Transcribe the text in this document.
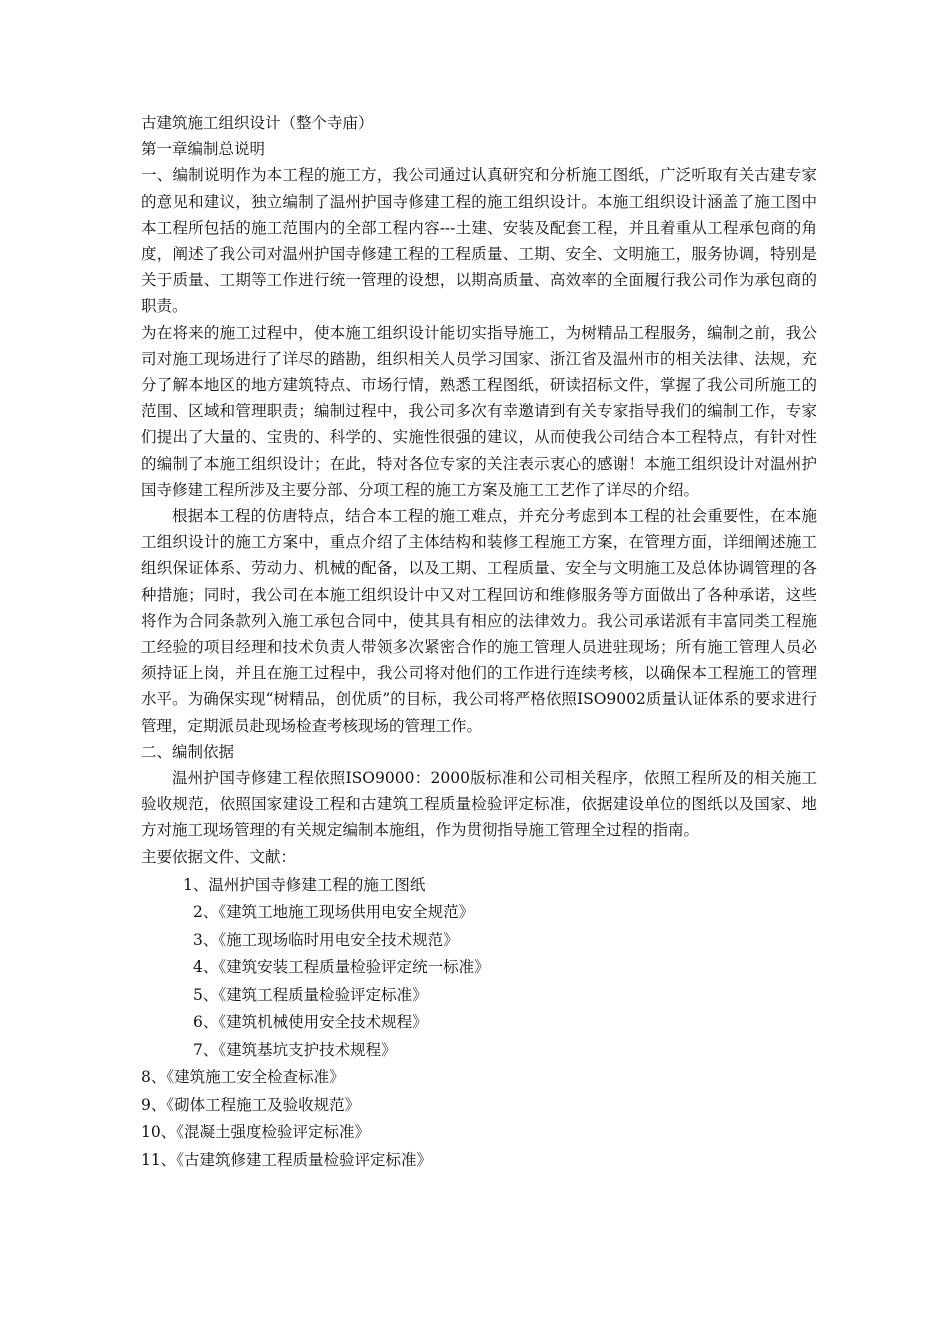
古建筑施工组织设计（整个寺庙）

第一章编制总说明

一、编制说明作为本工程的施工方，我公司通过认真研究和分析施工图纸，广泛听取有关古建专家的意见和建议，独立编制了温州护国寺修建工程的施工组织设计。本施工组织设计涵盖了施工图中本工程所包括的施工范围内的全部工程内容---土建、安装及配套工程，并且着重从工程承包商的角度，阐述了我公司对温州护国寺修建工程的工程质量、工期、安全、文明施工，服务协调，特别是关于质量、工期等工作进行统一管理的设想，以期高质量、高效率的全面履行我公司作为承包商的职责。

为在将来的施工过程中，使本施工组织设计能切实指导施工，为树精品工程服务，编制之前，我公司对施工现场进行了详尽的踏勘，组织相关人员学习国家、浙江省及温州市的相关法律、法规，充分了解本地区的地方建筑特点、市场行情，熟悉工程图纸，研读招标文件，掌握了我公司所施工的范围、区域和管理职责；编制过程中，我公司多次有幸邀请到有关专家指导我们的编制工作，专家们提出了大量的、宝贵的、科学的、实施性很强的建议，从而使我公司结合本工程特点，有针对性的编制了本施工组织设计；在此，特对各位专家的关注表示衷心的感谢！本施工组织设计对温州护国寺修建工程所涉及主要分部、分项工程的施工方案及施工工艺作了详尽的介绍。

根据本工程的仿唐特点，结合本工程的施工难点，并充分考虑到本工程的社会重要性，在本施工组织设计的施工方案中，重点介绍了主体结构和装修工程施工方案，在管理方面，详细阐述施工组织保证体系、劳动力、机械的配备，以及工期、工程质量、安全与文明施工及总体协调管理的各种措施；同时，我公司在本施工组织设计中又对工程回访和维修服务等方面做出了各种承诺，这些将作为合同条款列入施工承包合同中，使其具有相应的法律效力。我公司承诺派有丰富同类工程施工经验的项目经理和技术负责人带领多次紧密合作的施工管理人员进驻现场；所有施工管理人员必须持证上岗，并且在施工过程中，我公司将对他们的工作进行连续考核，以确保本工程施工的管理水平。为确保实现“树精品，创优质”的目标，我公司将严格依照ISO9002质量认证体系的要求进行管理，定期派员赴现场检查考核现场的管理工作。

二、编制依据

温州护国寺修建工程依照ISO9000：2000版标准和公司相关程序，依照工程所及的相关施工验收规范，依照国家建设工程和古建筑工程质量检验评定标准，依据建设单位的图纸以及国家、地方对施工现场管理的有关规定编制本施组，作为贯彻指导施工管理全过程的指南。

主要依据文件、文献：

1、温州护国寺修建工程的施工图纸
2、《建筑工地施工现场供用电安全规范》
3、《施工现场临时用电安全技术规范》
4、《建筑安装工程质量检验评定统一标准》
5、《建筑工程质量检验评定标准》
6、《建筑机械使用安全技术规程》
7、《建筑基坑支护技术规程》
8、《建筑施工安全检查标准》
9、《砌体工程施工及验收规范》
10、《混凝土强度检验评定标准》
11、《古建筑修建工程质量检验评定标准》
